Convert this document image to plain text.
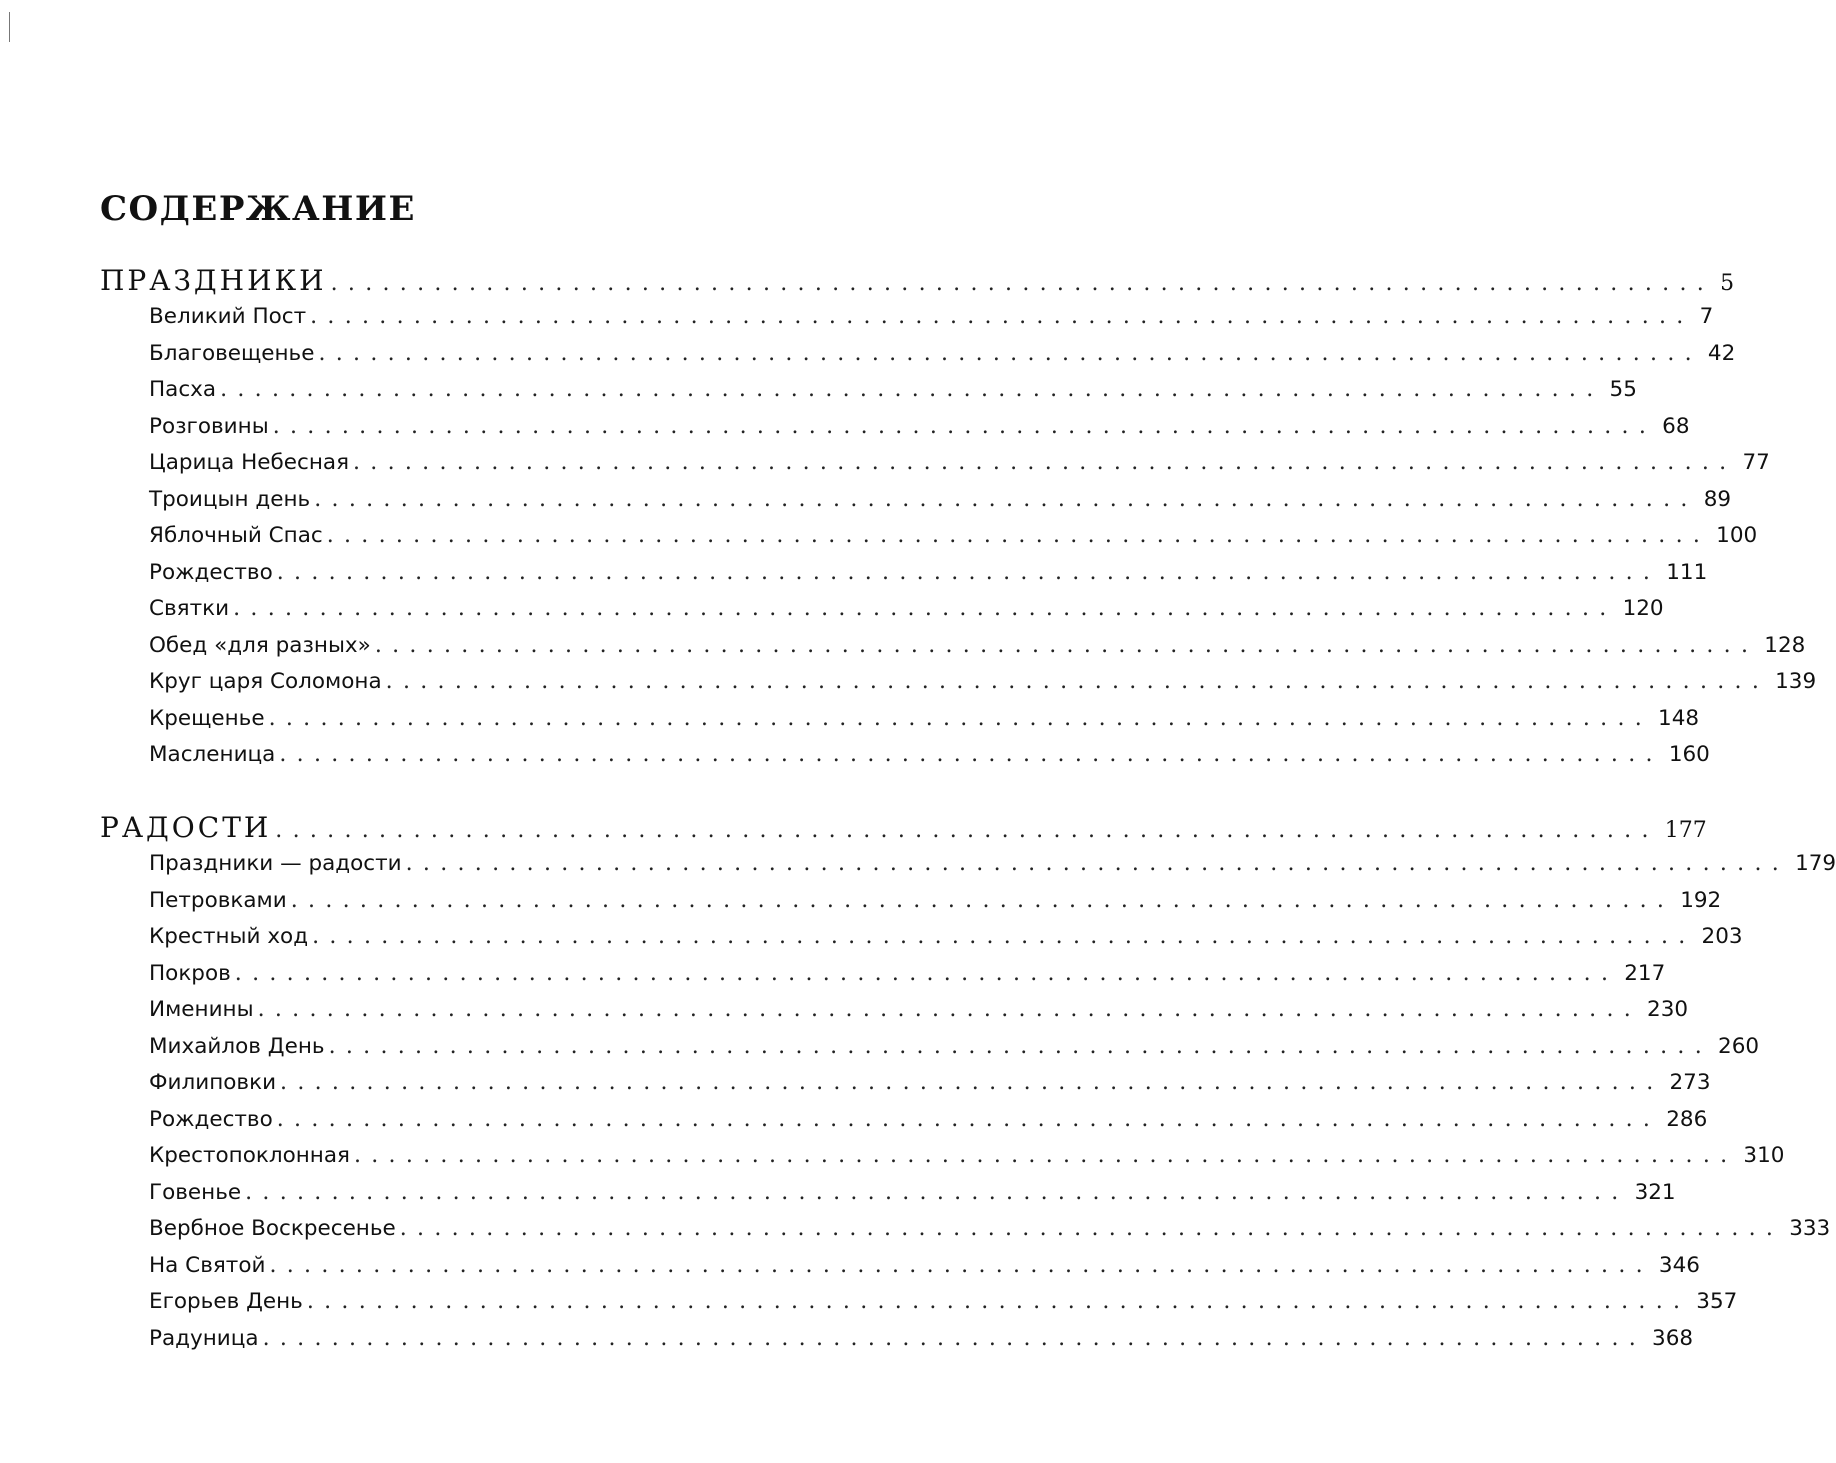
СОДЕРЖАНИЕ
ПРАЗДНИКИ ................................................................................ 5
Великий Пост ................................................................................ 7
Благовещенье ................................................................................ 42
Пасха ................................................................................ 55
Розговины ................................................................................ 68
Царица Небесная ................................................................................ 77
Троицын день ................................................................................ 89
Яблочный Спас ................................................................................ 100
Рождество ................................................................................ 111
Святки ................................................................................ 120
Обед «для разных» ................................................................................ 128
Круг царя Соломона ................................................................................ 139
Крещенье ................................................................................ 148
Масленица ................................................................................ 160
РАДОСТИ ................................................................................ 177
Праздники — радости ................................................................................ 179
Петровками ................................................................................ 192
Крестный ход ................................................................................ 203
Покров ................................................................................ 217
Именины ................................................................................ 230
Михайлов День ................................................................................ 260
Филиповки ................................................................................ 273
Рождество ................................................................................ 286
Крестопоклонная ................................................................................ 310
Говенье ................................................................................ 321
Вербное Воскресенье ................................................................................ 333
На Святой ................................................................................ 346
Егорьев День ................................................................................ 357
Радуница ................................................................................ 368
